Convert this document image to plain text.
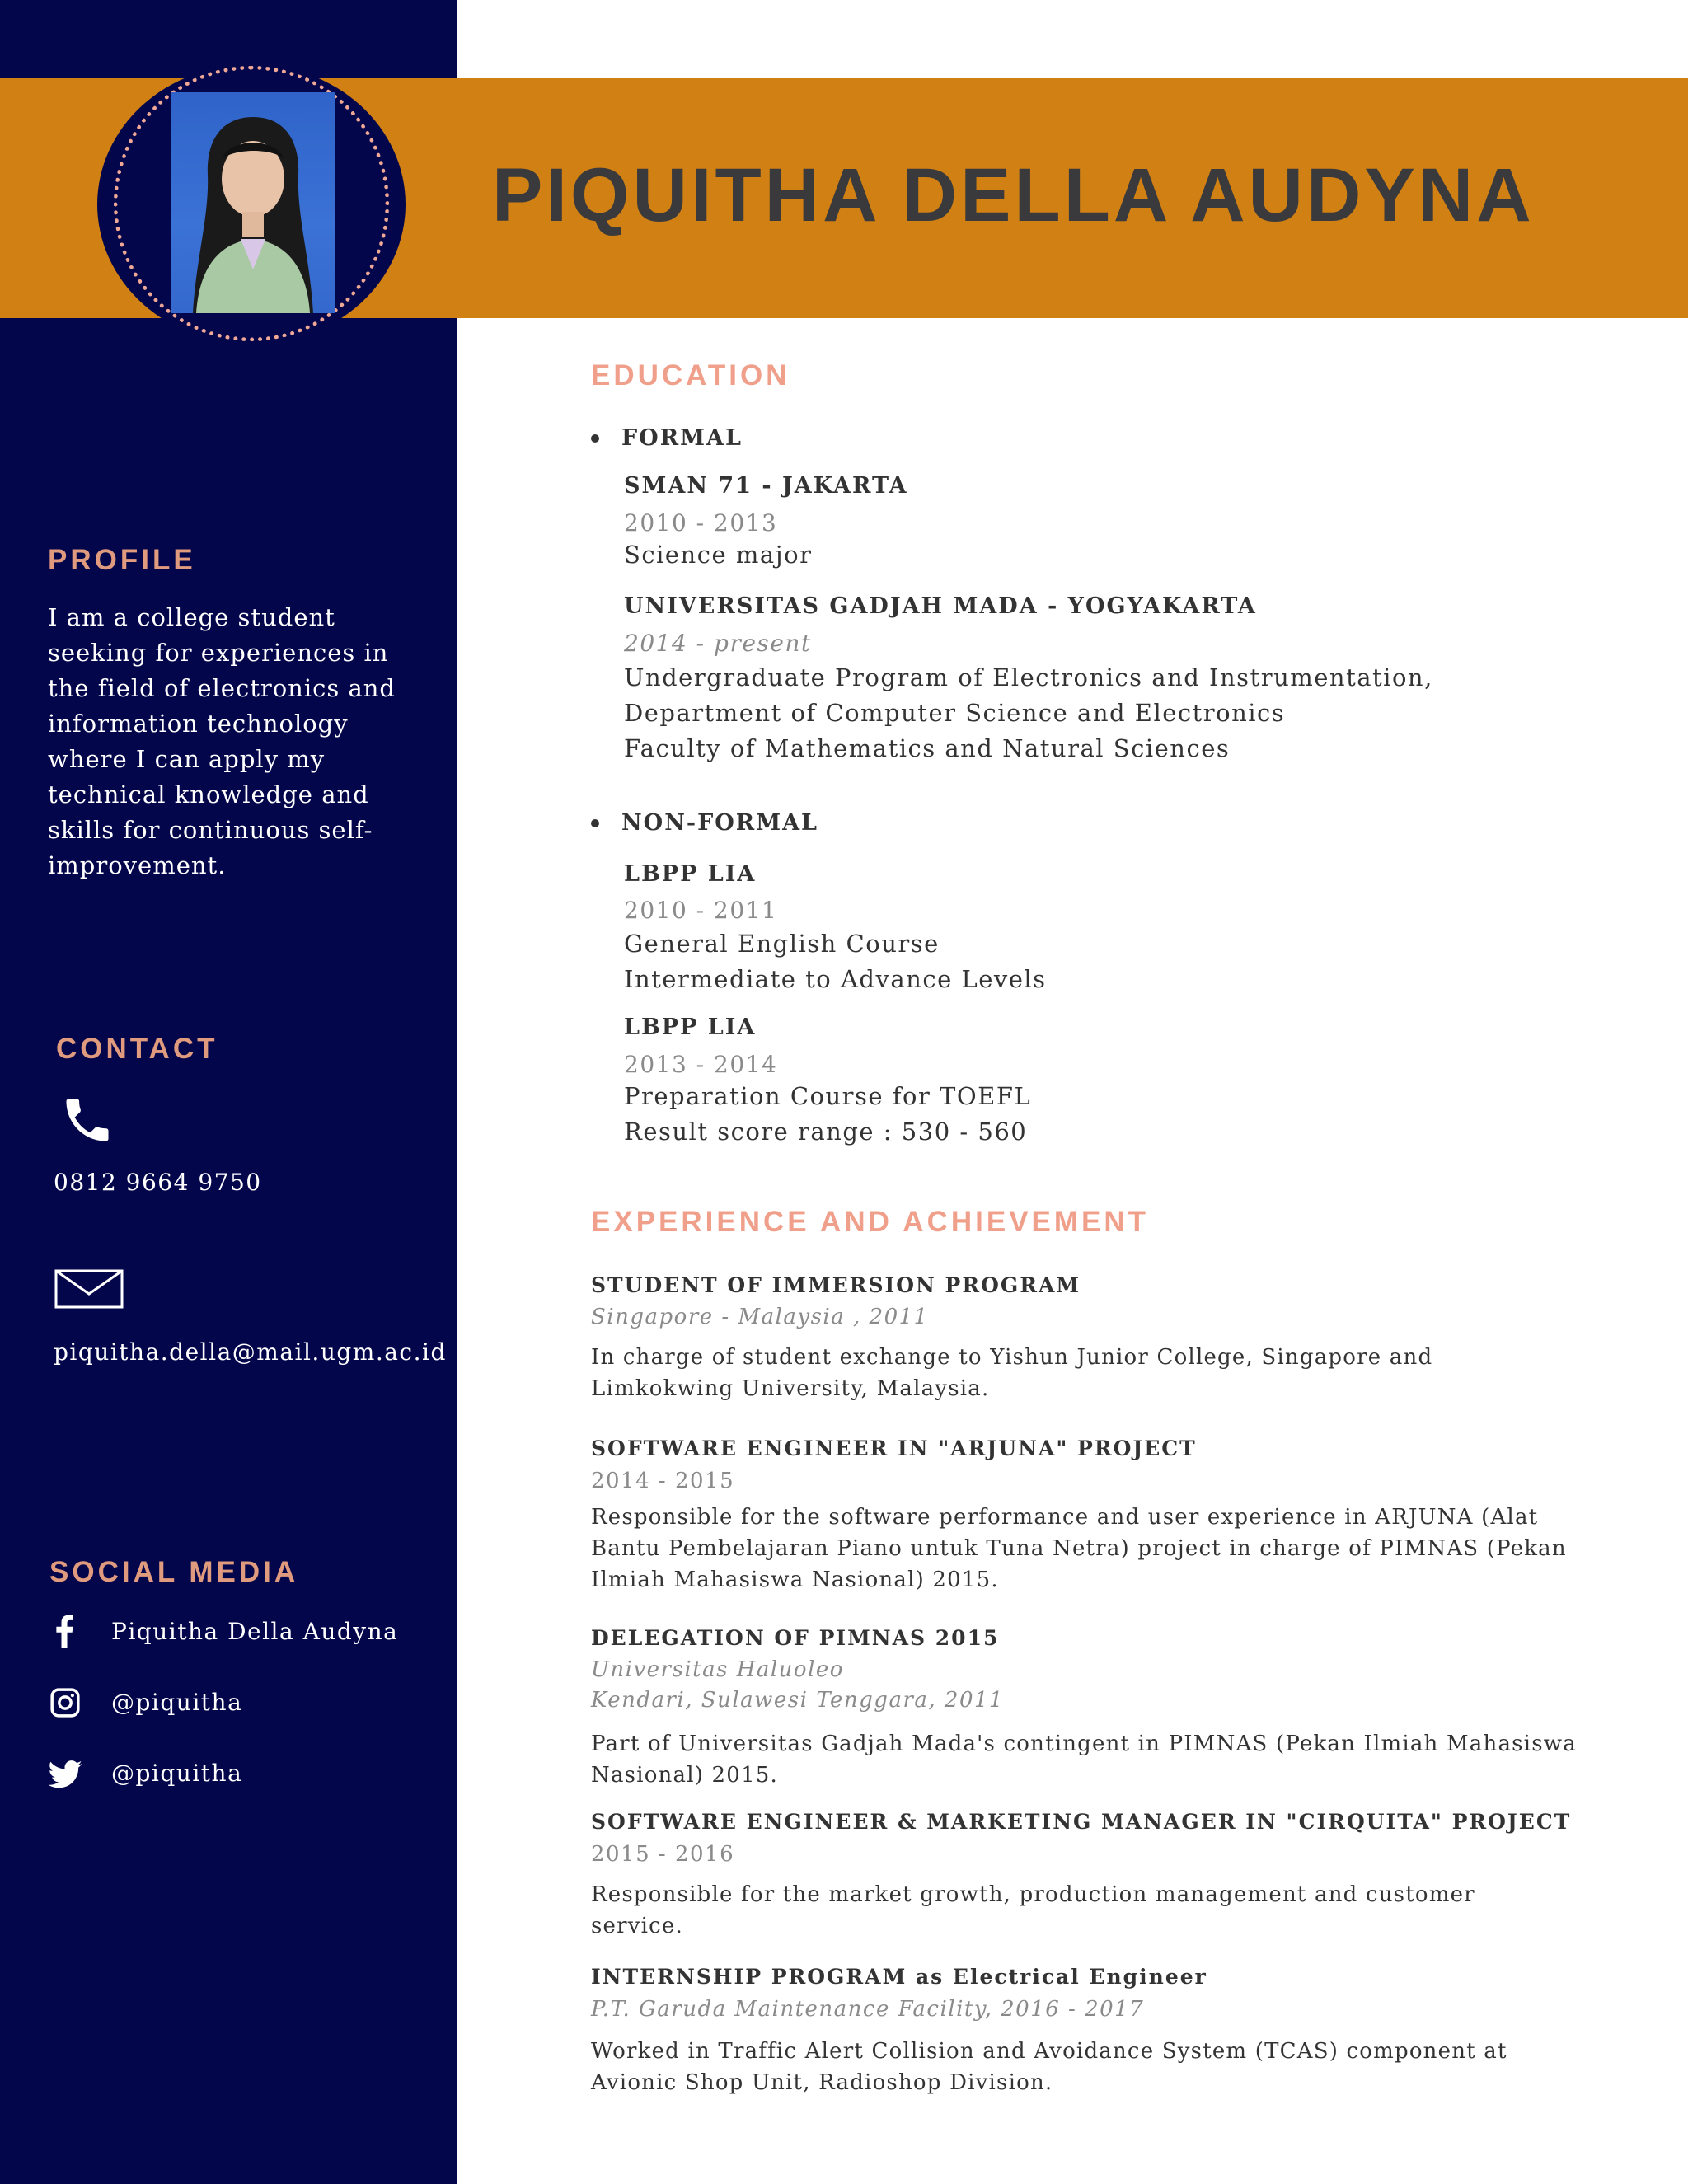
PIQUITHA DELLA AUDYNA
PROFILE
I am a college student
seeking for experiences in
the field of electronics and
information technology
where I can apply my
technical knowledge and
skills for continuous self-
improvement.
CONTACT
0812 9664 9750
piquitha.della@mail.ugm.ac.id
SOCIAL MEDIA
Piquitha Della Audyna
@piquitha
@piquitha
EDUCATION
FORMAL
SMAN 71 - JAKARTA
2010 - 2013
Science major
UNIVERSITAS GADJAH MADA - YOGYAKARTA
2014 - present
Undergraduate Program of Electronics and Instrumentation,
Department of Computer Science and Electronics
Faculty of Mathematics and Natural Sciences
NON-FORMAL
LBPP LIA
2010 - 2011
General English Course
Intermediate to Advance Levels
LBPP LIA
2013 - 2014
Preparation Course for TOEFL
Result score range : 530 - 560
EXPERIENCE AND ACHIEVEMENT
STUDENT OF IMMERSION PROGRAM
Singapore - Malaysia , 2011
In charge of student exchange to Yishun Junior College, Singapore and
Limkokwing University, Malaysia.
SOFTWARE ENGINEER IN "ARJUNA" PROJECT
2014 - 2015
Responsible for the software performance and user experience in ARJUNA (Alat
Bantu Pembelajaran Piano untuk Tuna Netra) project in charge of PIMNAS (Pekan
Ilmiah Mahasiswa Nasional) 2015.
DELEGATION OF PIMNAS 2015
Universitas Haluoleo
Kendari, Sulawesi Tenggara, 2011
Part of Universitas Gadjah Mada's contingent in PIMNAS (Pekan Ilmiah Mahasiswa
Nasional) 2015.
SOFTWARE ENGINEER & MARKETING MANAGER IN "CIRQUITA" PROJECT
2015 - 2016
Responsible for the market growth, production management and customer
service.
INTERNSHIP PROGRAM as Electrical Engineer
P.T. Garuda Maintenance Facility, 2016 - 2017
Worked in Traffic Alert Collision and Avoidance System (TCAS) component at
Avionic Shop Unit, Radioshop Division.
